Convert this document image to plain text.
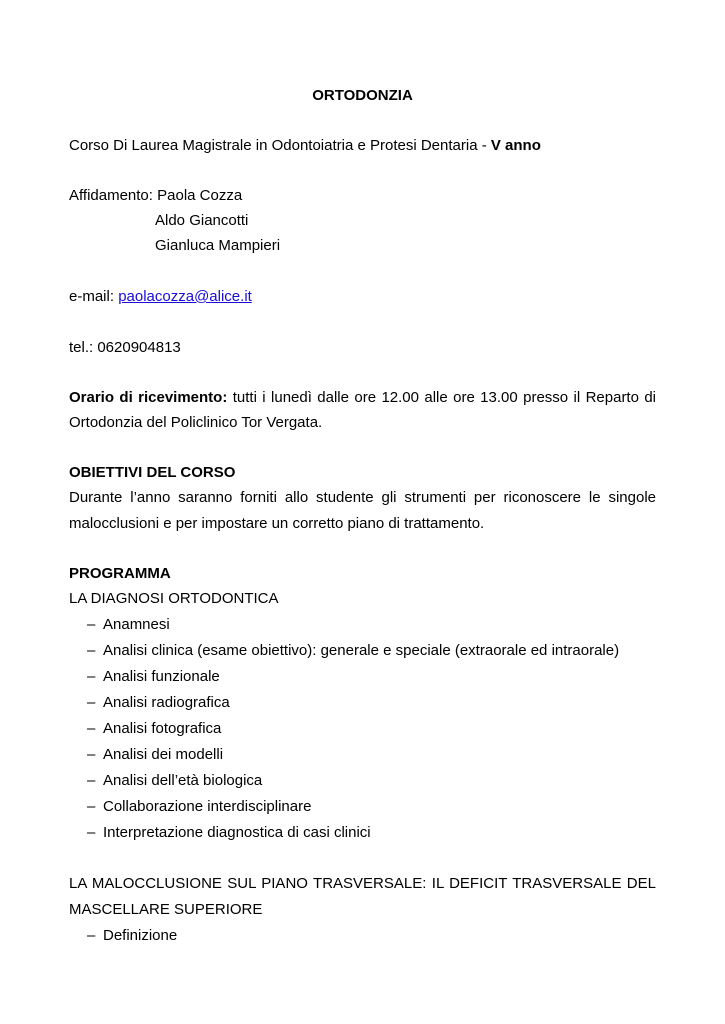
ORTODONZIA
Corso Di Laurea Magistrale in Odontoiatria e Protesi Dentaria - V anno
Affidamento: Paola Cozza
Aldo Giancotti
Gianluca Mampieri
e-mail: paolacozza@alice.it
tel.: 0620904813
Orario di ricevimento: tutti i lunedì dalle ore 12.00 alle ore 13.00 presso il Reparto di
Ortodonzia del Policlinico Tor Vergata.
OBIETTIVI DEL CORSO
Durante l’anno saranno forniti allo studente gli strumenti per riconoscere le singole
malocclusioni e per impostare un corretto piano di trattamento.
PROGRAMMA
LA DIAGNOSI ORTODONTICA
– Anamnesi
– Analisi clinica (esame obiettivo): generale e speciale (extraorale ed intraorale)
– Analisi funzionale
– Analisi radiografica
– Analisi fotografica
– Analisi dei modelli
– Analisi dell’età biologica
– Collaborazione interdisciplinare
– Interpretazione diagnostica di casi clinici
LA MALOCCLUSIONE SUL PIANO TRASVERSALE: IL DEFICIT TRASVERSALE DEL
MASCELLARE SUPERIORE
– Definizione
